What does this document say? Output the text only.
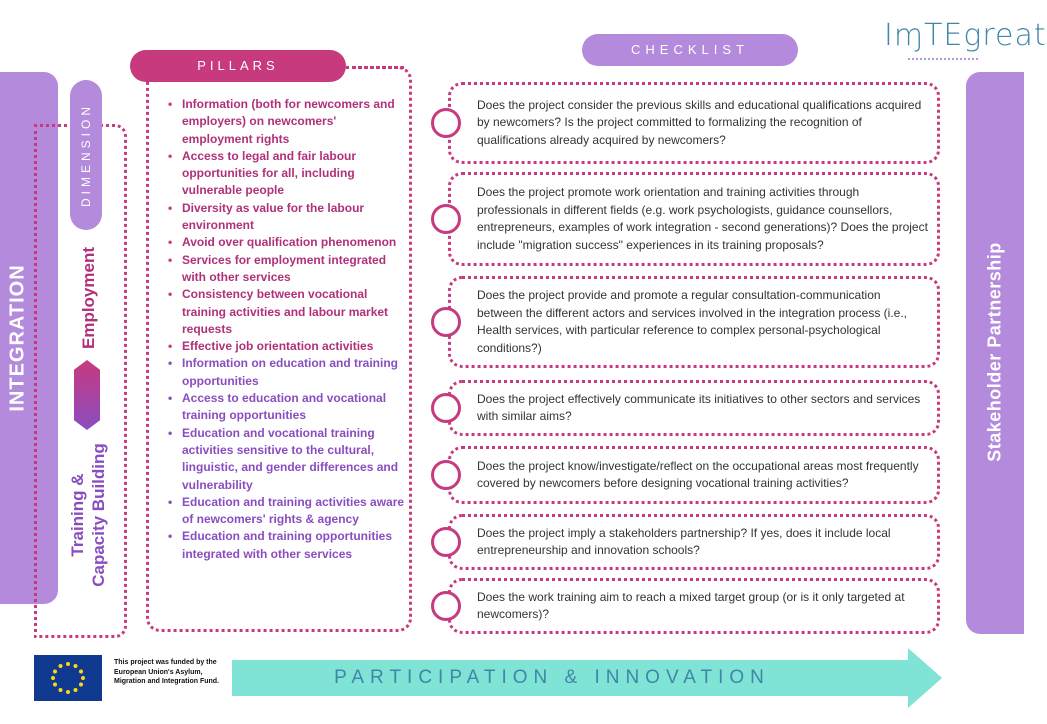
IɱTEgreat
INTEGRATION	Stakeholder Partnership
DIMENSION
Employment
Training & Capacity Building
PILLARS
• Information (both for newcomers and employers) on newcomers' employment rights
• Access to legal and fair labour opportunities for all, including vulnerable people
• Diversity as value for the labour environment
• Avoid over qualification phenomenon
• Services for employment integrated with other services
• Consistency between vocational training activities and labour market requests
• Effective job orientation activities
• Information on education and training opportunities
• Access to education and vocational training opportunities
• Education and vocational training activities sensitive to the cultural, linguistic, and gender differences and vulnerability
• Education and training activities aware of newcomers' rights & agency
• Education and training opportunities integrated with other services
CHECKLIST
Does the project consider the previous skills and educational qualifications acquired by newcomers? Is the project committed to formalizing the recognition of qualifications already acquired by newcomers?
Does the project promote work orientation and training activities through professionals in different fields (e.g. work psychologists, guidance counsellors, entrepreneurs, examples of work integration - second generations)? Does the project include "migration success" experiences in its training proposals?
Does the project provide and promote a regular consultation-communication between the different actors and services involved in the integration process (i.e., Health services, with particular reference to complex personal-psychological conditions?)
Does the project effectively communicate its initiatives to other sectors and services with similar aims?
Does the project know/investigate/reflect on the occupational areas most frequently covered by newcomers before designing vocational training activities?
Does the project imply a stakeholders partnership? If yes, does it include local entrepreneurship and innovation schools?
Does the work training aim to reach a mixed target group (or is it only targeted at newcomers)?
This project was funded by the European Union's Asylum, Migration and Integration Fund.	PARTICIPATION & INNOVATION
